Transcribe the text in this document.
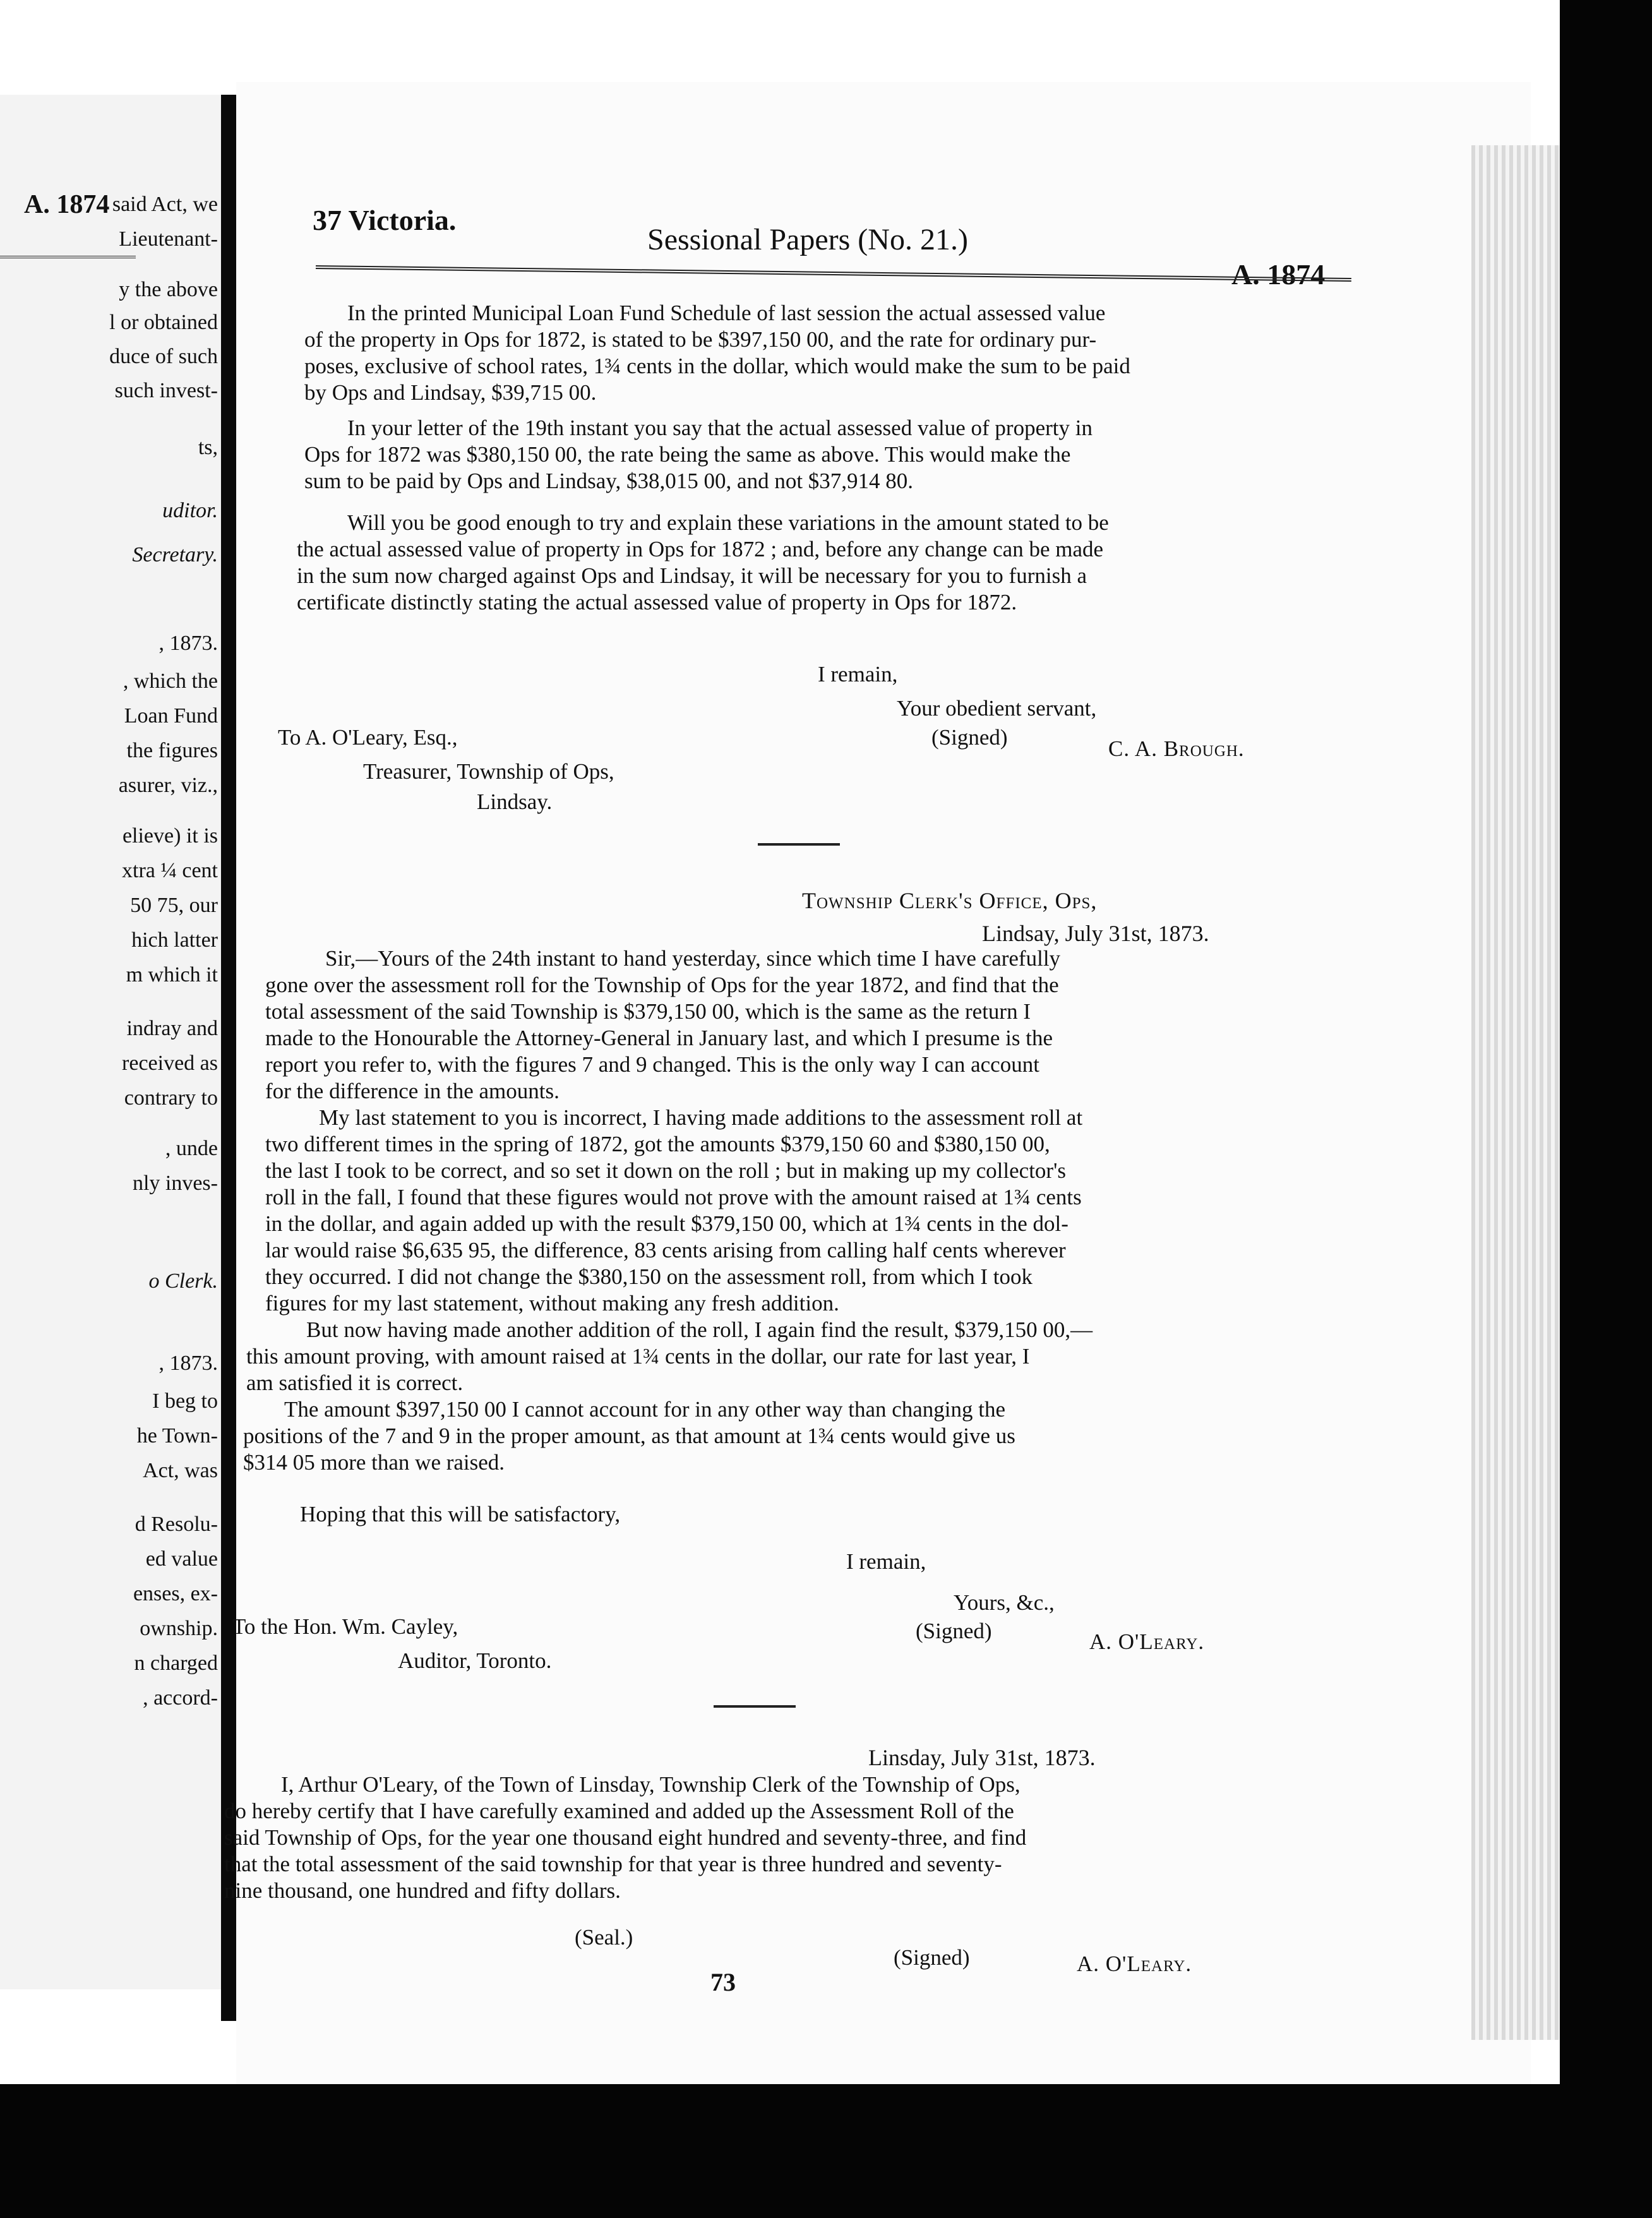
A. 1874 said Act, we
Lieutenant-
y the above
l or obtained
duce of such
such invest-
ts,
uditor.
Secretary.
, 1873.
, which the
Loan Fund
the figures
asurer, viz.,
elieve) it is
xtra ¼ cent
50 75, our
hich latter
m which it
indray and
received as
contrary to
, unde
nly inves-
o Clerk.
, 1873.
I beg to
he Town-
Act, was
d Resolu-
ed value
enses, ex-
ownship.
n charged
, accord-
37 Victoria.
Sessional Papers (No. 21.)
A. 1874
In the printed Municipal Loan Fund Schedule of last session the actual assessed value
of the property in Ops for 1872, is stated to be $397,150 00, and the rate for ordinary pur-
poses, exclusive of school rates, 1¾ cents in the dollar, which would make the sum to be paid
by Ops and Lindsay, $39,715 00.
In your letter of the 19th instant you say that the actual assessed value of property in
Ops for 1872 was $380,150 00, the rate being the same as above. This would make the
sum to be paid by Ops and Lindsay, $38,015 00, and not $37,914 80.
Will you be good enough to try and explain these variations in the amount stated to be
the actual assessed value of property in Ops for 1872 ; and, before any change can be made
in the sum now charged against Ops and Lindsay, it will be necessary for you to furnish a
certificate distinctly stating the actual assessed value of property in Ops for 1872.
I remain,
Your obedient servant,
(Signed)	C. A. Brough.
To A. O'Leary, Esq.,
Treasurer, Township of Ops,
Lindsay.
Township Clerk's Office, Ops,
Lindsay, July 31st, 1873.
Sir,—Yours of the 24th instant to hand yesterday, since which time I have carefully
gone over the assessment roll for the Township of Ops for the year 1872, and find that the
total assessment of the said Township is $379,150 00, which is the same as the return I
made to the Honourable the Attorney-General in January last, and which I presume is the
report you refer to, with the figures 7 and 9 changed. This is the only way I can account
for the difference in the amounts.
My last statement to you is incorrect, I having made additions to the assessment roll at
two different times in the spring of 1872, got the amounts $379,150 60 and $380,150 00,
the last I took to be correct, and so set it down on the roll ; but in making up my collector's
roll in the fall, I found that these figures would not prove with the amount raised at 1¾ cents
in the dollar, and again added up with the result $379,150 00, which at 1¾ cents in the dol-
lar would raise $6,635 95, the difference, 83 cents arising from calling half cents wherever
they occurred. I did not change the $380,150 on the assessment roll, from which I took
figures for my last statement, without making any fresh addition.
But now having made another addition of the roll, I again find the result, $379,150 00,—
this amount proving, with amount raised at 1¾ cents in the dollar, our rate for last year, I
am satisfied it is correct.
The amount $397,150 00 I cannot account for in any other way than changing the
positions of the 7 and 9 in the proper amount, as that amount at 1¾ cents would give us
$314 05 more than we raised.
Hoping that this will be satisfactory,
I remain,
Yours, &c.,
(Signed)	A. O'Leary.
To the Hon. Wm. Cayley,
Auditor, Toronto.
Linsday, July 31st, 1873.
I, Arthur O'Leary, of the Town of Linsday, Township Clerk of the Township of Ops,
do hereby certify that I have carefully examined and added up the Assessment Roll of the
said Township of Ops, for the year one thousand eight hundred and seventy-three, and find
that the total assessment of the said township for that year is three hundred and seventy-
nine thousand, one hundred and fifty dollars.
(Seal.)
(Signed)	A. O'Leary.
73
